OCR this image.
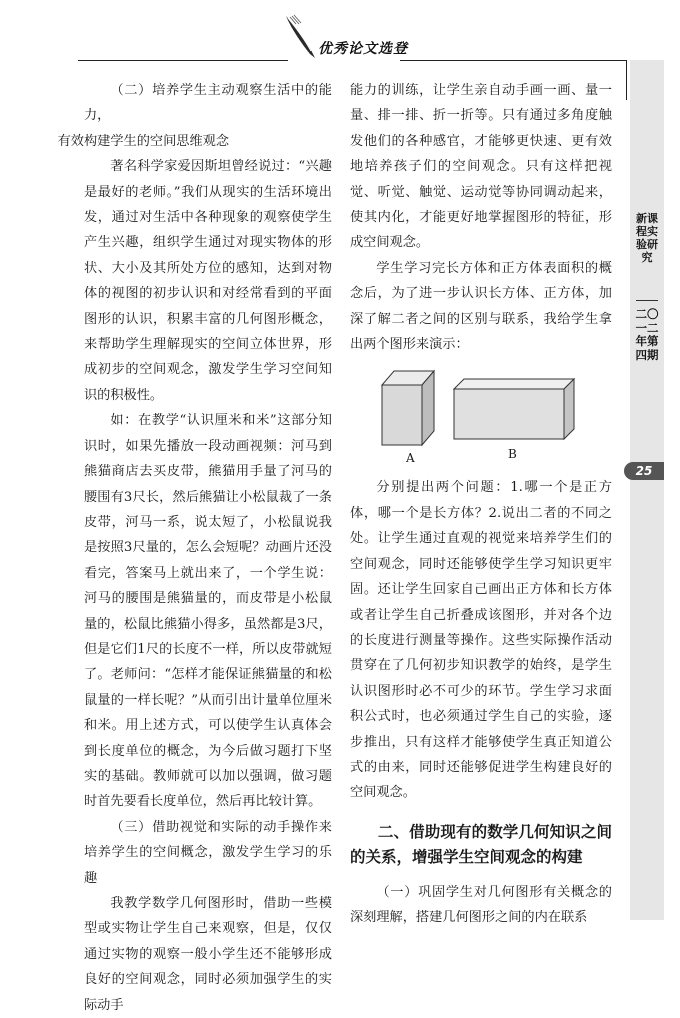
优秀论文选登
新课程实验研究
二〇一二年第四期
25

（二）培养学生主动观察生活中的能力，
有效构建学生的空间思维观念

著名科学家爱因斯坦曾经说过：“兴趣是最好的老师。”我们从现实的生活环境出发，通过对生活中各种现象的观察使学生产生兴趣，组织学生通过对现实物体的形状、大小及其所处方位的感知，达到对物体的视图的初步认识和对经常看到的平面图形的认识，积累丰富的几何图形概念，来帮助学生理解现实的空间立体世界，形成初步的空间观念，激发学生学习空间知识的积极性。

如：在教学“认识厘米和米”这部分知识时，如果先播放一段动画视频：河马到熊猫商店去买皮带，熊猫用手量了河马的腰围有3尺长，然后熊猫让小松鼠裁了一条皮带，河马一系，说太短了，小松鼠说我是按照3尺量的，怎么会短呢？动画片还没看完，答案马上就出来了，一个学生说：河马的腰围是熊猫量的，而皮带是小松鼠量的，松鼠比熊猫小得多，虽然都是3尺，但是它们1尺的长度不一样，所以皮带就短了。老师问：“怎样才能保证熊猫量的和松鼠量的一样长呢？”从而引出计量单位厘米和米。用上述方式，可以使学生认真体会到长度单位的概念，为今后做习题打下坚实的基础。教师就可以加以强调，做习题时首先要看长度单位，然后再比较计算。

（三）借助视觉和实际的动手操作来培养学生的空间概念，激发学生学习的乐趣

我教学数学几何图形时，借助一些模型或实物让学生自己来观察，但是，仅仅通过实物的观察一般小学生还不能够形成良好的空间观念，同时必须加强学生的实际动手

能力的训练，让学生亲自动手画一画、量一量、排一排、折一折等。只有通过多角度触发他们的各种感官，才能够更快速、更有效地培养孩子们的空间观念。只有这样把视觉、听觉、触觉、运动觉等协同调动起来，使其内化，才能更好地掌握图形的特征，形成空间观念。

学生学习完长方体和正方体表面积的概念后，为了进一步认识长方体、正方体，加深了解二者之间的区别与联系，我给学生拿出两个图形来演示：

A	B

分别提出两个问题：1.哪一个是正方体，哪一个是长方体？2.说出二者的不同之处。让学生通过直观的视觉来培养学生们的空间观念，同时还能够使学生学习知识更牢固。还让学生回家自己画出正方体和长方体或者让学生自己折叠成该图形，并对各个边的长度进行测量等操作。这些实际操作活动贯穿在了几何初步知识教学的始终，是学生认识图形时必不可少的环节。学生学习求面积公式时，也必须通过学生自己的实验，逐步推出，只有这样才能够使学生真正知道公式的由来，同时还能够促进学生构建良好的空间观念。

二、借助现有的数学几何知识之间的关系，增强学生空间观念的构建

（一）巩固学生对几何图形有关概念的深刻理解，搭建几何图形之间的内在联系
